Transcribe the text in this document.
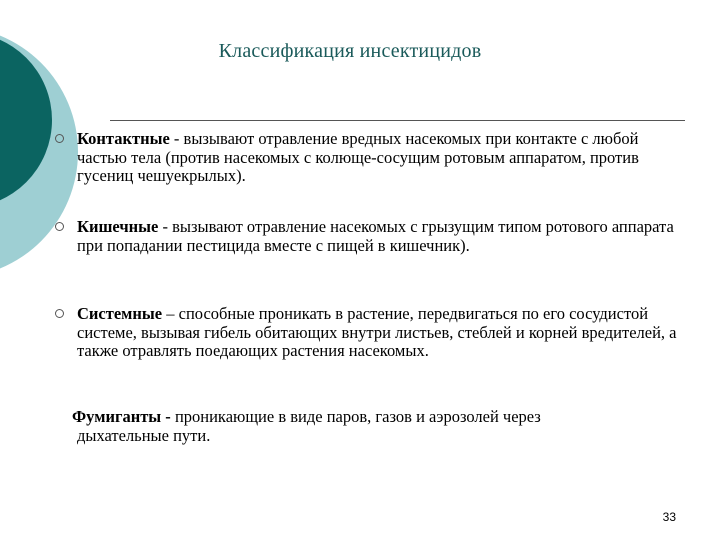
Классификация инсектицидов
Контактные - вызывают отравление вредных насекомых при контакте с любой частью тела (против насекомых с колюще-сосущим ротовым аппаратом, против гусениц чешуекрылых).
Кишечные - вызывают отравление насекомых с грызущим типом ротового аппарата при попадании пестицида вместе с пищей в кишечник).
Системные – способные проникать в растение, передвигаться по его сосудистой системе, вызывая гибель обитающих внутри листьев, стеблей и корней вредителей, а также отравлять поедающих растения насекомых.
Фумиганты - проникающие в виде паров, газов и аэрозолей через
дыхательные пути.
33
